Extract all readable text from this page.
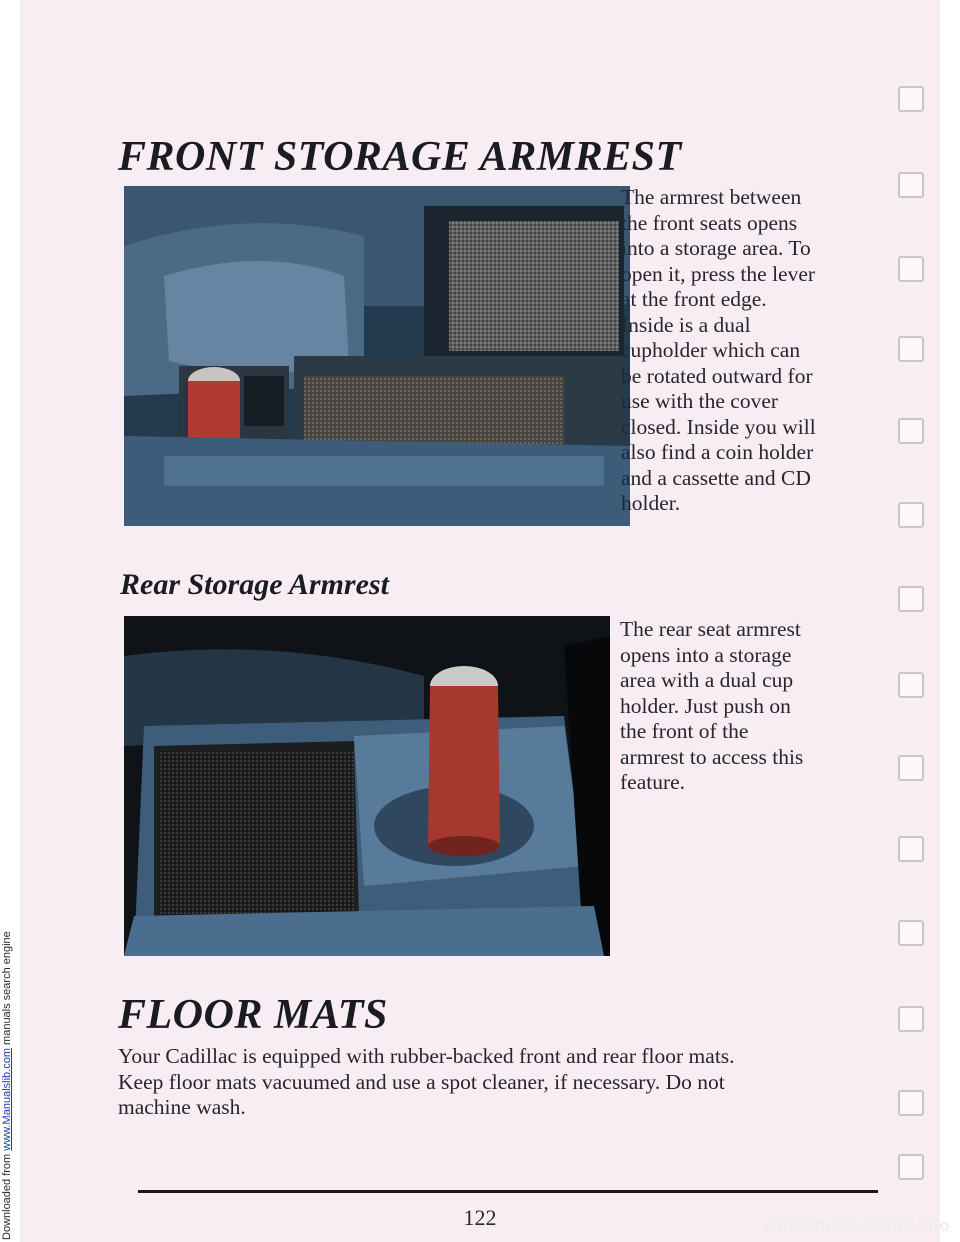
FRONT STORAGE ARMREST

The armrest between
the front seats opens
into a storage area. To
open it, press the lever
at the front edge.
Inside is a dual
cupholder which can
be rotated outward for
use with the cover
closed. Inside you will
also find a coin holder
and a cassette and CD
holder.

Rear Storage Armrest

The rear seat armrest
opens into a storage
area with a dual cup
holder. Just push on
the front of the
armrest to access this
feature.

FLOOR MATS

Your Cadillac is equipped with rubber-backed front and rear floor mats.
Keep floor mats vacuumed and use a spot cleaner, if necessary. Do not
machine wash.

122
Downloaded from www.Manualslib.com manuals search engine
carmanualsonline.info
